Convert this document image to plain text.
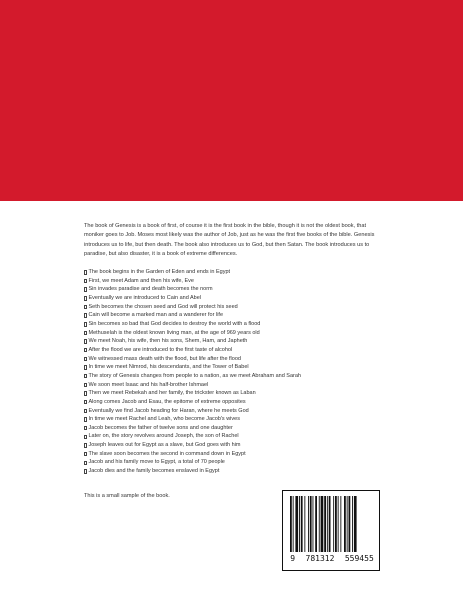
The book of Genesis is a book of first, of course it is the first book in the bible, though it is not the oldest book, that moniker goes to Job. Moses most likely was the author of Job, just as he was the first five books of the bible. Genesis introduces us to life, but then death. The book also introduces us to God, but then Satan. The book introduces us to paradise, but also disaster, it is a book of extreme differences.

The book begins in the Garden of Eden and ends in Egypt
First, we meet Adam and then his wife, Eve
Sin invades paradise and death becomes the norm
Eventually we are introduced to Cain and Abel
Seth becomes the chosen seed and God will protect his seed
Cain will become a marked man and a wanderer for life
Sin becomes so bad that God decides to destroy the world with a flood
Methuselah is the oldest known living man, at the age of 969 years old
We meet Noah, his wife, then his sons, Shem, Ham, and Japheth
After the flood we are introduced to the first taste of alcohol
We witnessed mass death with the flood, but life after the flood
In time we meet Nimrod, his descendants, and the Tower of Babel
The story of Genesis changes from people to a nation, as we meet Abraham and Sarah
We soon meet Isaac and his half-brother Ishmael
Then we meet Rebekah and her family, the trickster known as Laban
Along comes Jacob and Esau, the epitome of extreme opposites
Eventually we find Jacob heading for Haran, where he meets God
In time we meet Rachel and Leah, who become Jacob's wives
Jacob becomes the father of twelve sons and one daughter
Later on, the story revolves around Joseph, the son of Rachel
Joseph leaves out for Egypt as a slave, but God goes with him
The slave soon becomes the second in command down in Egypt
Jacob and his family move to Egypt, a total of 70 people
Jacob dies and the family becomes enslaved in Egypt

This is a small sample of the book.

9 781312 559455
